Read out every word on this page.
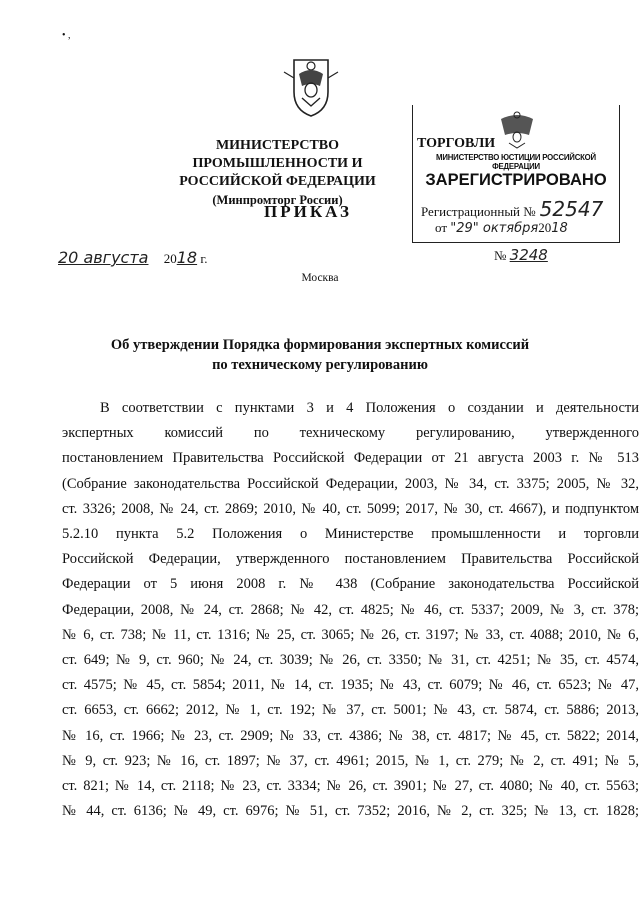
• ,
МИНИСТЕРСТВО ПРОМЫШЛЕННОСТИ И
РОССИЙСКОЙ ФЕДЕРАЦИИ
(Минпромторг России)
ПРИКАЗ
ТОРГОВЛИ
МИНИСТЕРСТВО ЮСТИЦИИ РОССИЙСКОЙ ФЕДЕРАЦИИ
ЗАРЕГИСТРИРОВАНО
Регистрационный № 52547
от "29" октября2018
20 августа 2018 г.	№ 3248
Москва
Об утверждении Порядка формирования экспертных комиссий
по техническому регулированию
В соответствии с пунктами 3 и 4 Положения о создании и деятельности
экспертных комиссий по техническому регулированию, утвержденного
постановлением Правительства Российской Федерации от 21 августа 2003 г. № 513
(Собрание законодательства Российской Федерации, 2003, № 34, ст. 3375; 2005, № 32,
ст. 3326; 2008, № 24, ст. 2869; 2010, № 40, ст. 5099; 2017, № 30, ст. 4667), и подпунктом
5.2.10 пункта 5.2 Положения о Министерстве промышленности и торговли
Российской Федерации, утвержденного постановлением Правительства Российской
Федерации от 5 июня 2008 г. № 438 (Собрание законодательства Российской
Федерации, 2008, № 24, ст. 2868; № 42, ст. 4825; № 46, ст. 5337; 2009, № 3, ст. 378;
№ 6, ст. 738; № 11, ст. 1316; № 25, ст. 3065; № 26, ст. 3197; № 33, ст. 4088; 2010, № 6,
ст. 649; № 9, ст. 960; № 24, ст. 3039; № 26, ст. 3350; № 31, ст. 4251; № 35, ст. 4574,
ст. 4575; № 45, ст. 5854; 2011, № 14, ст. 1935; № 43, ст. 6079; № 46, ст. 6523; № 47,
ст. 6653, ст. 6662; 2012, № 1, ст. 192; № 37, ст. 5001; № 43, ст. 5874, ст. 5886; 2013,
№ 16, ст. 1966; № 23, ст. 2909; № 33, ст. 4386; № 38, ст. 4817; № 45, ст. 5822; 2014,
№ 9, ст. 923; № 16, ст. 1897; № 37, ст. 4961; 2015, № 1, ст. 279; № 2, ст. 491; № 5,
ст. 821; № 14, ст. 2118; № 23, ст. 3334; № 26, ст. 3901; № 27, ст. 4080; № 40, ст. 5563;
№ 44, ст. 6136; № 49, ст. 6976; № 51, ст. 7352; 2016, № 2, ст. 325; № 13, ст. 1828;
